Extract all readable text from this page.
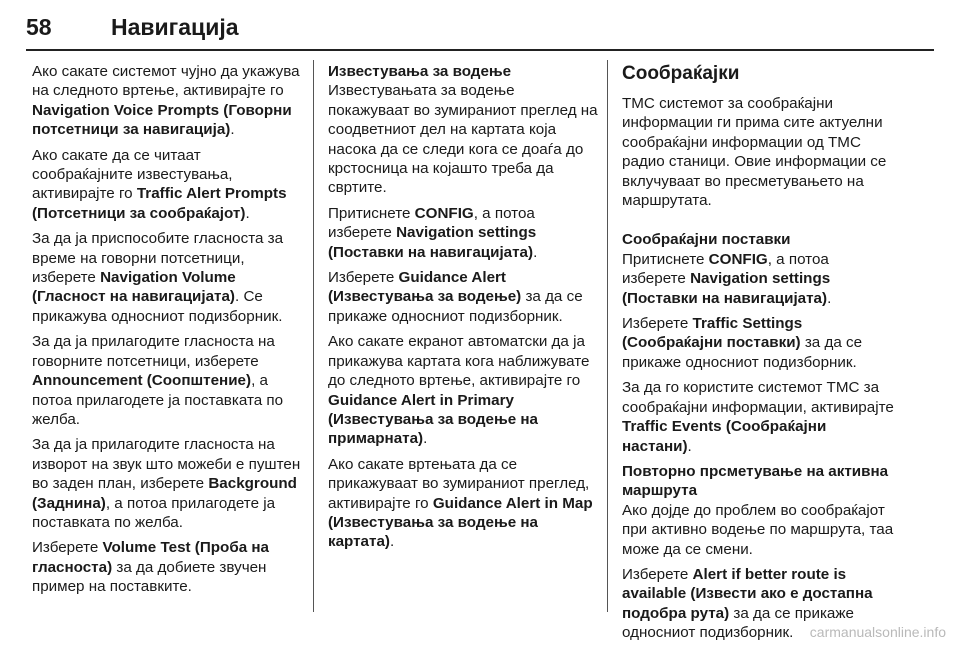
58	Навигација

Ако сакате системот чујно да укажува на следното вртење, активирајте го Navigation Voice Prompts (Говорни потсетници за навигација).

Ако сакате да се читаат сообраќајните известувања, активирајте го Traffic Alert Prompts (Потсетници за сообраќајот).

За да ја приспособите гласноста за време на говорни потсетници, изберете Navigation Volume (Гласност на навигацијата). Се прикажува односниот подизборник.

За да ја прилагодите гласноста на говорните потсетници, изберете Announcement (Соопштение), а потоа прилагодете ја поставката по желба.

За да ја прилагодите гласноста на изворот на звук што можеби е пуштен во заден план, изберете Background (Заднина), а потоа прилагодете ја поставката по желба.

Изберете Volume Test (Проба на гласноста) за да добиете звучен пример на поставките.

Известувања за водење

Известувањата за водење покажуваат во зумираниот преглед на соодветниот дел на картата која насока да се следи кога се доаѓа до крстосница на којашто треба да свртите.

Притиснете CONFIG, а потоа изберете Navigation settings (Поставки на навигацијата).

Изберете Guidance Alert (Известувања за водење) за да се прикаже односниот подизборник.

Ако сакате екранот автоматски да ја прикажува картата кога наближувате до следното вртење, активирајте го Guidance Alert in Primary (Известувања за водење на примарната).

Ако сакате вртењата да се прикажуваат во зумираниот преглед, активирајте го Guidance Alert in Map (Известувања за водење на картата).

Сообраќајки

TMC системот за сообраќајни информации ги прима сите актуелни сообраќајни информации од TMC радио станици. Овие информации се вклучуваат во пресметувањето на маршрутата.

Сообраќајни поставки

Притиснете CONFIG, а потоа изберете Navigation settings (Поставки на навигацијата).

Изберете Traffic Settings (Сообраќајни поставки) за да се прикаже односниот подизборник.

За да го користите системот TMC за сообраќајни информации, активирајте Traffic Events (Сообраќајни настани).

Повторно прсметување на активна маршрута

Ако дојде до проблем во сообраќајот при активно водење по маршрута, таа може да се смени.

Изберете Alert if better route is available (Извести ако е достапна подобра рута) за да се прикаже односниот подизборник.	carmanualsonline.info
